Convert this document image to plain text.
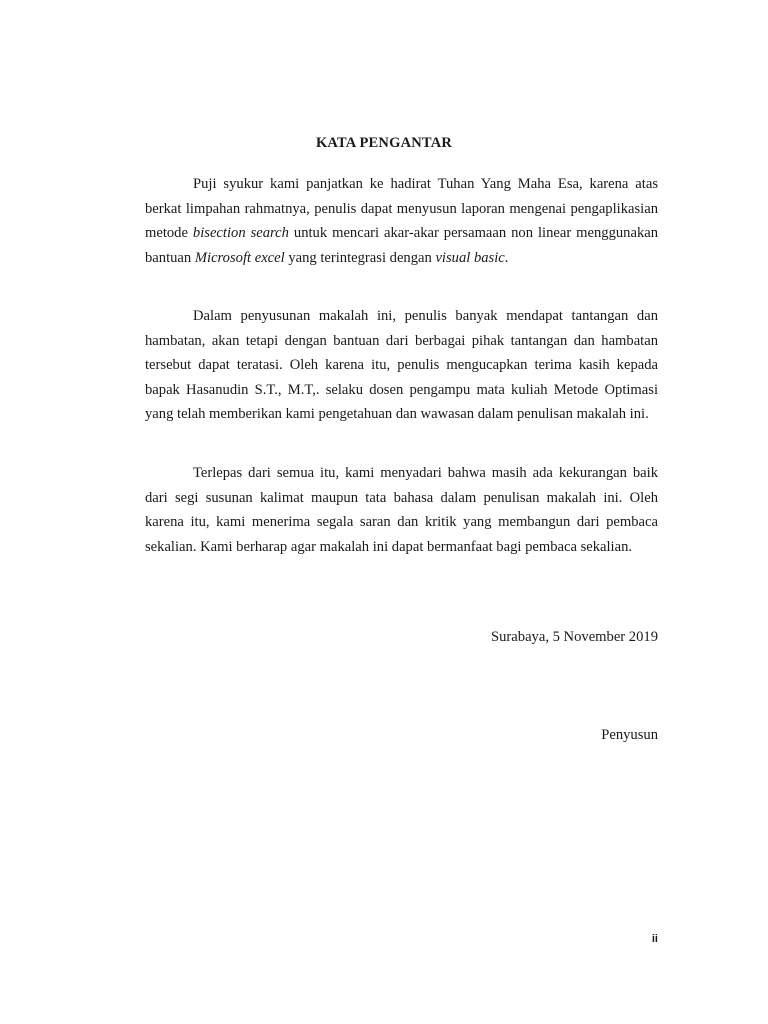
KATA PENGANTAR

Puji syukur kami panjatkan ke hadirat Tuhan Yang Maha Esa, karena atas berkat limpahan rahmatnya, penulis dapat menyusun laporan mengenai pengaplikasian metode bisection search untuk mencari akar-akar persamaan non linear menggunakan bantuan Microsoft excel yang terintegrasi dengan visual basic.

Dalam penyusunan makalah ini, penulis banyak mendapat tantangan dan hambatan, akan tetapi dengan bantuan dari berbagai pihak tantangan dan hambatan tersebut dapat teratasi. Oleh karena itu, penulis mengucapkan terima kasih kepada bapak Hasanudin S.T., M.T,. selaku dosen pengampu mata kuliah Metode Optimasi yang telah memberikan kami pengetahuan dan wawasan dalam penulisan makalah ini.

Terlepas dari semua itu, kami menyadari bahwa masih ada kekurangan baik dari segi susunan kalimat maupun tata bahasa dalam penulisan makalah ini. Oleh karena itu, kami menerima segala saran dan kritik yang membangun dari pembaca sekalian. Kami berharap agar makalah ini dapat bermanfaat bagi pembaca sekalian.

Surabaya, 5 November 2019
Penyusun
ii
